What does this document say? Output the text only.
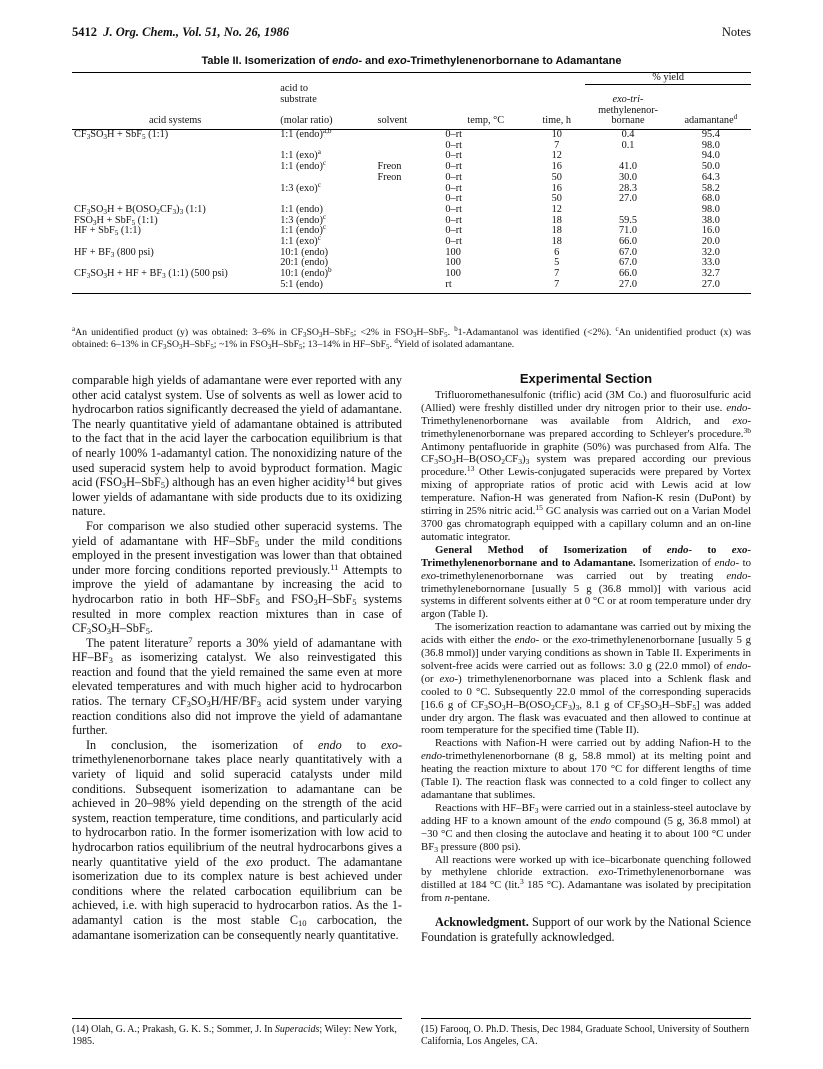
5412 J. Org. Chem., Vol. 51, No. 26, 1986	Notes
Table II. Isomerization of endo- and exo-Trimethylenenorbornane to Adamantane

					% yield	
	acid to					
	substrate				exo-tri-	
					methylenenor-	
acid systems	(molar ratio)	solvent	temp, °C	time, h	bornane	adamantane$^d$
$CF_3SO_3H + SbF_5$ (1:1)	1:1 (endo)$^{a,b}$		0–rt	10	0.4	95.4
			0–rt	7	0.1	98.0
	1:1 (exo)$^a$		0–rt	12		94.0
	1:1 (endo)$^c$	Freon	0–rt	16	41.0	50.0
		Freon	0–rt	50	30.0	64.3
	1:3 (exo)$^c$		0–rt	16	28.3	58.2
			0–rt	50	27.0	68.0
$CF_3SO_3H + B(OSO_2CF_3)_3$ (1:1)	1:1 (endo)		0–rt	12		98.0
$FSO_3H + SbF_5$ (1:1)	1:3 (endo)$^c$		0–rt	18	59.5	38.0
HF + SbF$_5$ (1:1)	1:1 (endo)$^c$		0–rt	18	71.0	16.0
	1:1 (exo)$^c$		0–rt	18	66.0	20.0
HF + $BF_3$ (800 psi)	10:1 (endo)		100	6	67.0	32.0
	20:1 (endo)		100	5	67.0	33.0
$CF_3SO_3H$ + HF + $BF_3$ (1:1) (500 psi)	10:1 (endo)$^b$		100	7	66.0	32.7
	5:1 (endo)		rt	7	27.0	27.0
$^a$An unidentified product (y) was obtained: 3–6% in $CF_3SO_3H-SbF_5$; <2% in $FSO_3H-SbF_5$. $^b$1-Adamantanol was identified (<2%). $^c$An unidentified product (x) was obtained: 6–13% in $CF_3SO_3H-SbF_5$; ~1% in $FSO_3H-SbF_5$; 13–14% in HF–SbF$_5$. $^d$Yield of isolated adamantane.

comparable high yields of adamantane were ever reported with any other acid catalyst system. Use of solvents as well as lower acid to hydrocarbon ratios significantly decreased the yield of adamantane. The nearly quantitative yield of adamantane obtained is attributed to the fact that in the acid layer the carbocation equilibrium is that of nearly 100% 1-adamantyl cation. The nonoxidizing nature of the used superacid system help to avoid byproduct formation. Magic acid $(FSO_3H-SbF_5)$ although has an even higher acidity$^{14}$ but gives lower yields of adamantane with side products due to its oxidizing nature.

For comparison we also studied other superacid systems. The yield of adamantane with HF–SbF$_5$ under the mild conditions employed in the present investigation was lower than that obtained under more forcing conditions reported previously.$^{11}$ Attempts to improve the yield of adamantane by increasing the acid to hydrocarbon ratio in both HF–SbF$_5$ and $FSO_3H-SbF_5$ systems resulted in more complex reaction mixtures than in case of $CF_3SO_3H-SbF_5$.

The patent literature$^7$ reports a 30% yield of adamantane with $HF-BF_3$ as isomerizing catalyst. We also reinvestigated this reaction and found that the yield remained the same even at more elevated temperatures and with much higher acid to hydrocarbon ratios. The ternary $CF_3SO_3H/HF/BF_3$ acid system under varying reaction conditions also did not improve the yield of adamantane further.

In conclusion, the isomerization of endo to exo-trimethylenenorbornane takes place nearly quantitatively with a variety of liquid and solid superacid catalysts under mild conditions. Subsequent isomerization to adamantane can be achieved in 20–98% yield depending on the strength of the acid system, reaction temperature, time conditions, and particularly acid to hydrocarbon ratio. In the former isomerization with low acid to hydrocarbon ratios equilibrium of the neutral hydrocarbons gives a nearly quantitative yield of the exo product. The adamantane isomerization due to its complex nature is best achieved under conditions where the related carbocation equilibrium can be achieved, i.e. with high superacid to hydrocarbon ratios. As the 1-adamantyl cation is the most stable $C_{10}$ carbocation, the adamantane isomerization can be consequently nearly quantitative.

Experimental Section

Trifluoromethanesulfonic (triflic) acid (3M Co.) and fluorosulfuric acid (Allied) were freshly distilled under dry nitrogen prior to their use. endo-Trimethylenenorbornane was available from Aldrich, and exo-trimethylenenorbornane was prepared according to Schleyer's procedure.$^{3b}$ Antimony pentafluoride in graphite (50%) was purchased from Alfa. The $CF_3SO_3H-B(OSO_2CF_3)_3$ system was prepared according our previous procedure.$^{13}$ Other Lewis-conjugated superacids were prepared by Vortex mixing of appropriate ratios of protic acid with Lewis acid at low temperature. Nafion-H was generated from Nafion-K resin (DuPont) by stirring in 25% nitric acid.$^{15}$ GC analysis was carried out on a Varian Model 3700 gas chromatograph equipped with a capillary column and an on-line automatic integrator.

General Method of Isomerization of endo- to exo-Trimethylenenorbornane and to Adamantane. Isomerization of endo- to exo-trimethylenenorbornane was carried out by treating endo-trimethylenebornornane [usually 5 g (36.8 mmol)] with various acid systems in different solvents either at 0 °C or at room temperature under dry argon (Table I).

The isomerization reaction to adamantane was carried out by mixing the acids with either the endo- or the exo-trimethylenenorbornane [usually 5 g (36.8 mmol)] under varying conditions as shown in Table II. Experiments in solvent-free acids were carried out as follows: 3.0 g (22.0 mmol) of endo- (or exo-) trimethylenenorbornane was placed into a Schlenk flask and cooled to 0 °C. Subsequently 22.0 mmol of the corresponding superacids [16.6 g of $CF_3SO_3H-B(OSO_2CF_3)_3$, 8.1 g of $CF_3SO_3H-SbF_5$] was added under dry argon. The flask was evacuated and then allowed to continue at room temperature for the specified time (Table II).

Reactions with Nafion-H were carried out by adding Nafion-H to the endo-trimethylenenorbornane (8 g, 58.8 mmol) at its melting point and heating the reaction mixture to about 170 °C for different lengths of time (Table I). The reaction flask was connected to a cold finger to collect any adamantane that sublimes.

Reactions with $HF-BF_3$ were carried out in a stainless-steel autoclave by adding HF to a known amount of the endo compound (5 g, 36.8 mmol) at −30 °C and then closing the autoclave and heating it to about 100 °C under $BF_3$ pressure (800 psi).

All reactions were worked up with ice–bicarbonate quenching followed by methylene chloride extraction. exo-Trimethylenenorbornane was distilled at 184 °C (lit.$^3$ 185 °C). Adamantane was isolated by precipitation from n-pentane.

Acknowledgment. Support of our work by the National Science Foundation is gratefully acknowledged.

(14) Olah, G. A.; Prakash, G. K. S.; Sommer, J. In Superacids; Wiley: New York, 1985.
(15) Farooq, O. Ph.D. Thesis, Dec 1984, Graduate School, University of Southern California, Los Angeles, CA.
